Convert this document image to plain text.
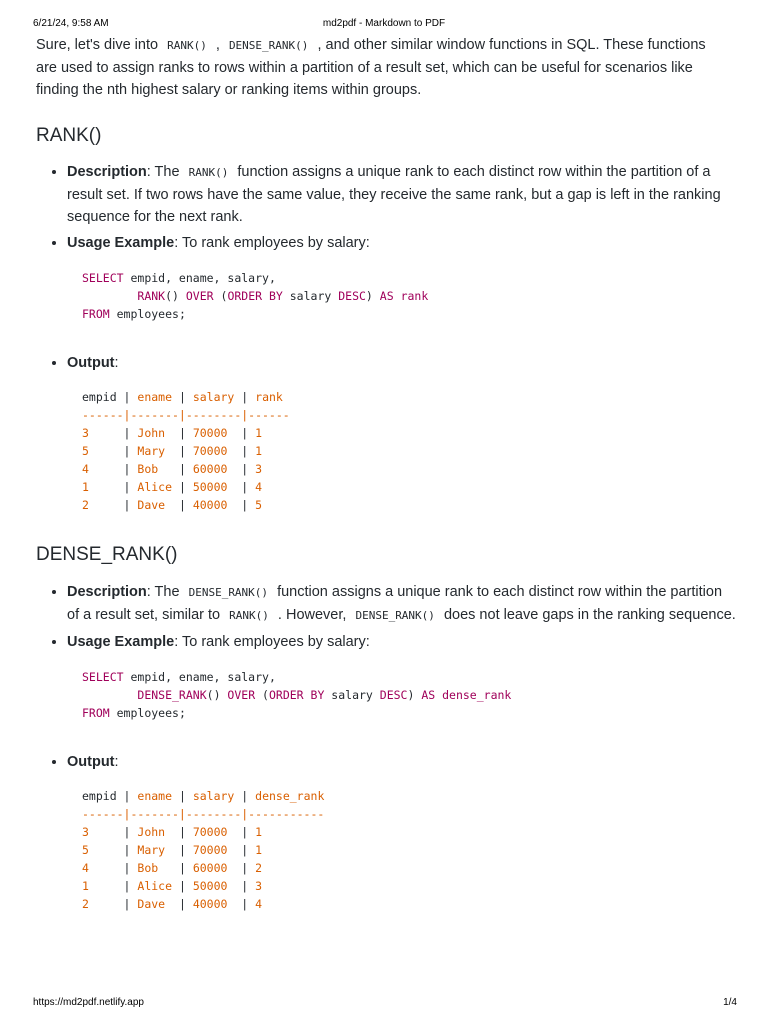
6/21/24, 9:58 AM	md2pdf - Markdown to PDF

Sure, let's dive into RANK() , DENSE_RANK() , and other similar window functions in SQL. These functions are used to assign ranks to rows within a partition of a result set, which can be useful for scenarios like finding the nth highest salary or ranking items within groups.

RANK()
• Description: The RANK() function assigns a unique rank to each distinct row within the partition of a result set. If two rows have the same value, they receive the same rank, but a gap is left in the ranking sequence for the next rank.
• Usage Example: To rank employees by salary:
SELECT empid, ename, salary,
RANK() OVER (ORDER BY salary DESC) AS rank
FROM employees;
• Output:
empid | ename | salary | rank
------|-------|--------|------
3     | John  | 70000  | 1
5     | Mary  | 70000  | 1
4     | Bob   | 60000  | 3
1     | Alice | 50000  | 4
2     | Dave  | 40000  | 5
DENSE_RANK()
• Description: The DENSE_RANK() function assigns a unique rank to each distinct row within the partition of a result set, similar to RANK() . However, DENSE_RANK() does not leave gaps in the ranking sequence.
• Usage Example: To rank employees by salary:
SELECT empid, ename, salary,
DENSE_RANK() OVER (ORDER BY salary DESC) AS dense_rank
FROM employees;
• Output:
empid | ename | salary | dense_rank
------|-------|--------|-----------
3     | John  | 70000  | 1
5     | Mary  | 70000  | 1
4     | Bob   | 60000  | 2
1     | Alice | 50000  | 3
2     | Dave  | 40000  | 4
https://md2pdf.netlify.app	1/4
